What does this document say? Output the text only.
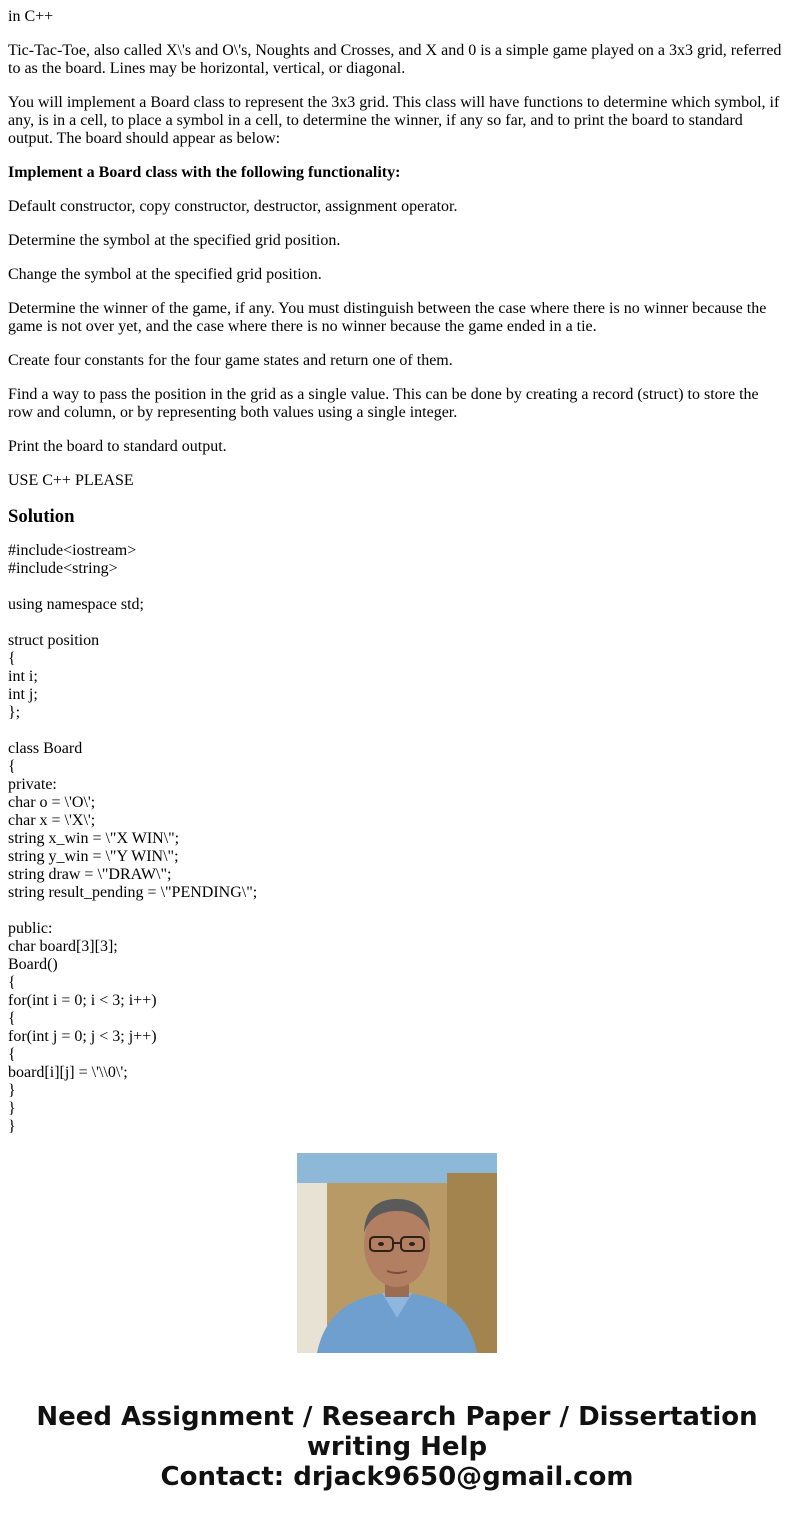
in C++

Tic-Tac-Toe, also called X\'s and O\'s, Noughts and Crosses, and X and 0 is a simple game played on a 3x3 grid, referred to as the board. Lines may be horizontal, vertical, or diagonal.

You will implement a Board class to represent the 3x3 grid. This class will have functions to determine which symbol, if any, is in a cell, to place a symbol in a cell, to determine the winner, if any so far, and to print the board to standard output. The board should appear as below:

Implement a Board class with the following functionality:

Default constructor, copy constructor, destructor, assignment operator.

Determine the symbol at the specified grid position.

Change the symbol at the specified grid position.

Determine the winner of the game, if any. You must distinguish between the case where there is no winner because the game is not over yet, and the case where there is no winner because the game ended in a tie.

Create four constants for the four game states and return one of them.

Find a way to pass the position in the grid as a single value. This can be done by creating a record (struct) to store the row and column, or by representing both values using a single integer.

Print the board to standard output.

USE C++ PLEASE

Solution
#include<iostream>
#include<string>

using namespace std;

struct position
{
int i;
int j;
};

class Board
{
private:
char o = \'O\';
char x = \'X\';
string x_win = \"X WIN\";
string y_win = \"Y WIN\";
string draw = \"DRAW\";
string result_pending = \"PENDING\";

public:
char board[3][3];
Board()
{
for(int i = 0; i < 3; i++)
{
for(int j = 0; j < 3; j++)
{
board[i][j] = \'\\0\';
}
}
}
Need Assignment / Research Paper / Dissertation
writing Help
Contact: drjack9650@gmail.com
